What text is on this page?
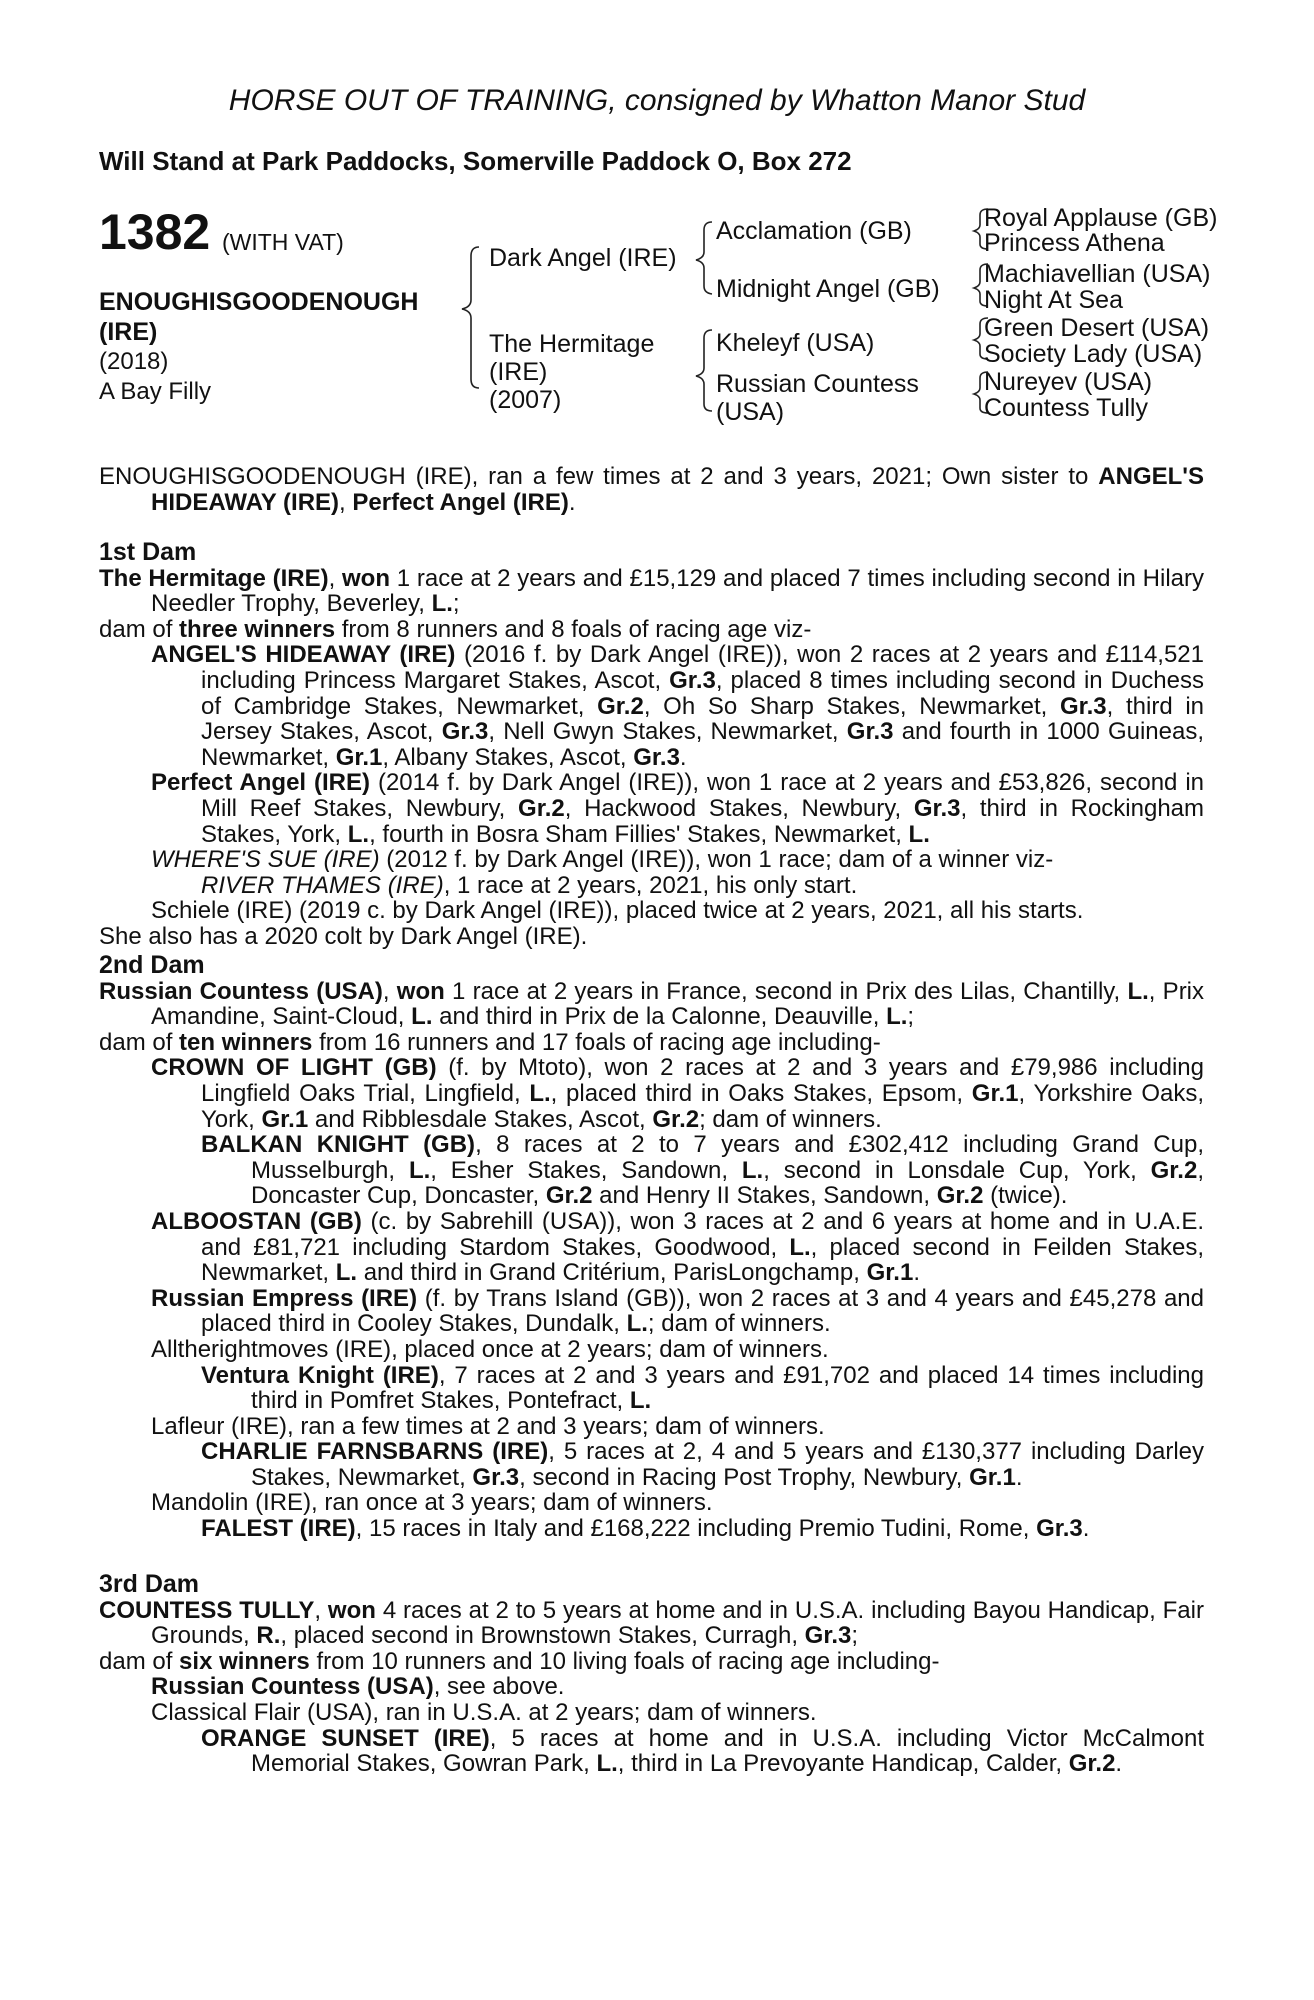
HORSE OUT OF TRAINING, consigned by Whatton Manor Stud
Will Stand at Park Paddocks, Somerville Paddock O, Box 272
1382 (WITH VAT)
ENOUGHISGOODENOUGH
(IRE)
(2018)
A Bay Filly
Dark Angel (IRE)
The Hermitage
(IRE)
(2007)
Acclamation (GB)
Midnight Angel (GB)
Kheleyf (USA)
Russian Countess
(USA)
Royal Applause (GB)
Princess Athena
Machiavellian (USA)
Night At Sea
Green Desert (USA)
Society Lady (USA)
Nureyev (USA)
Countess Tully

ENOUGHISGOODENOUGH (IRE), ran a few times at 2 and 3 years, 2021; Own sister to ANGEL'S HIDEAWAY (IRE), Perfect Angel (IRE).

1st Dam

The Hermitage (IRE), won 1 race at 2 years and £15,129 and placed 7 times including second in Hilary Needler Trophy, Beverley, L.;

dam of three winners from 8 runners and 8 foals of racing age viz-

ANGEL'S HIDEAWAY (IRE) (2016 f. by Dark Angel (IRE)), won 2 races at 2 years and £114,521 including Princess Margaret Stakes, Ascot, Gr.3, placed 8 times including second in Duchess of Cambridge Stakes, Newmarket, Gr.2, Oh So Sharp Stakes, Newmarket, Gr.3, third in Jersey Stakes, Ascot, Gr.3, Nell Gwyn Stakes, Newmarket, Gr.3 and fourth in 1000 Guineas, Newmarket, Gr.1, Albany Stakes, Ascot, Gr.3.

Perfect Angel (IRE) (2014 f. by Dark Angel (IRE)), won 1 race at 2 years and £53,826, second in Mill Reef Stakes, Newbury, Gr.2, Hackwood Stakes, Newbury, Gr.3, third in Rockingham Stakes, York, L., fourth in Bosra Sham Fillies' Stakes, Newmarket, L.

WHERE'S SUE (IRE) (2012 f. by Dark Angel (IRE)), won 1 race; dam of a winner viz-

RIVER THAMES (IRE), 1 race at 2 years, 2021, his only start.

Schiele (IRE) (2019 c. by Dark Angel (IRE)), placed twice at 2 years, 2021, all his starts.

She also has a 2020 colt by Dark Angel (IRE).

2nd Dam

Russian Countess (USA), won 1 race at 2 years in France, second in Prix des Lilas, Chantilly, L., Prix Amandine, Saint-Cloud, L. and third in Prix de la Calonne, Deauville, L.;

dam of ten winners from 16 runners and 17 foals of racing age including-

CROWN OF LIGHT (GB) (f. by Mtoto), won 2 races at 2 and 3 years and £79,986 including Lingfield Oaks Trial, Lingfield, L., placed third in Oaks Stakes, Epsom, Gr.1, Yorkshire Oaks, York, Gr.1 and Ribblesdale Stakes, Ascot, Gr.2; dam of winners.

BALKAN KNIGHT (GB), 8 races at 2 to 7 years and £302,412 including Grand Cup, Musselburgh, L., Esher Stakes, Sandown, L., second in Lonsdale Cup, York, Gr.2, Doncaster Cup, Doncaster, Gr.2 and Henry II Stakes, Sandown, Gr.2 (twice).

ALBOOSTAN (GB) (c. by Sabrehill (USA)), won 3 races at 2 and 6 years at home and in U.A.E. and £81,721 including Stardom Stakes, Goodwood, L., placed second in Feilden Stakes, Newmarket, L. and third in Grand Critérium, ParisLongchamp, Gr.1.

Russian Empress (IRE) (f. by Trans Island (GB)), won 2 races at 3 and 4 years and £45,278 and placed third in Cooley Stakes, Dundalk, L.; dam of winners.

Alltherightmoves (IRE), placed once at 2 years; dam of winners.

Ventura Knight (IRE), 7 races at 2 and 3 years and £91,702 and placed 14 times including third in Pomfret Stakes, Pontefract, L.

Lafleur (IRE), ran a few times at 2 and 3 years; dam of winners.

CHARLIE FARNSBARNS (IRE), 5 races at 2, 4 and 5 years and £130,377 including Darley Stakes, Newmarket, Gr.3, second in Racing Post Trophy, Newbury, Gr.1.

Mandolin (IRE), ran once at 3 years; dam of winners.

FALEST (IRE), 15 races in Italy and £168,222 including Premio Tudini, Rome, Gr.3.

3rd Dam

COUNTESS TULLY, won 4 races at 2 to 5 years at home and in U.S.A. including Bayou Handicap, Fair Grounds, R., placed second in Brownstown Stakes, Curragh, Gr.3;

dam of six winners from 10 runners and 10 living foals of racing age including-

Russian Countess (USA), see above.

Classical Flair (USA), ran in U.S.A. at 2 years; dam of winners.

ORANGE SUNSET (IRE), 5 races at home and in U.S.A. including Victor McCalmont Memorial Stakes, Gowran Park, L., third in La Prevoyante Handicap, Calder, Gr.2.
